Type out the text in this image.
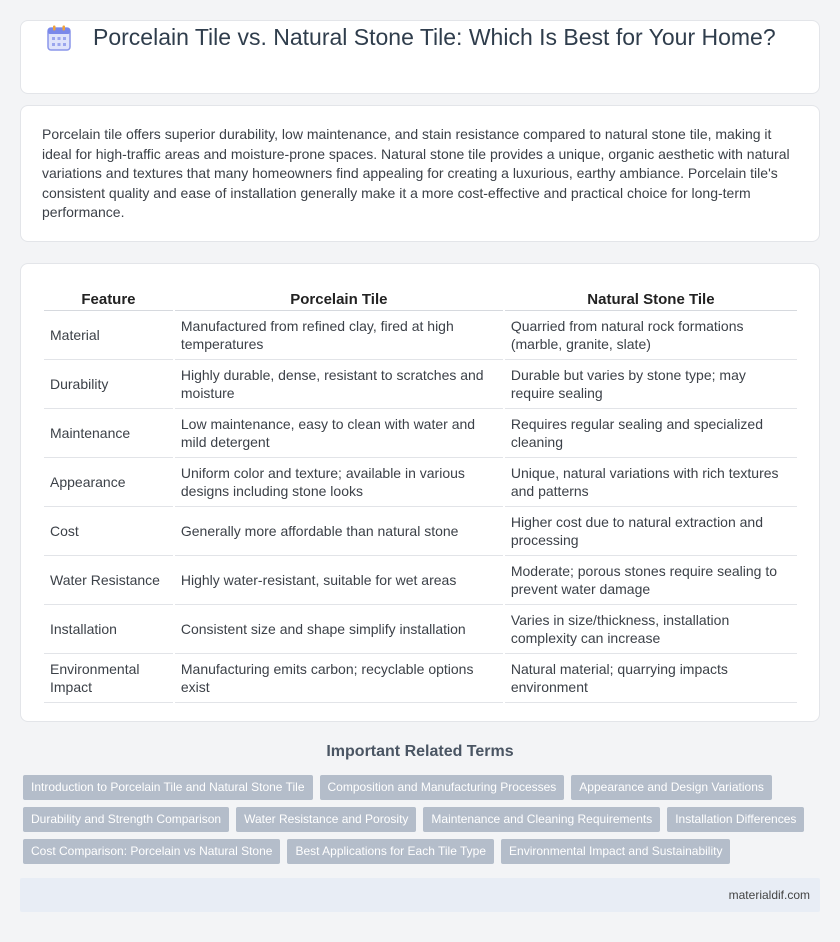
Porcelain Tile vs. Natural Stone Tile: Which Is Best for Your Home?

Porcelain tile offers superior durability, low maintenance, and stain resistance compared to natural stone tile, making it ideal for high-traffic areas and moisture-prone spaces. Natural stone tile provides a unique, organic aesthetic with natural variations and textures that many homeowners find appealing for creating a luxurious, earthy ambiance. Porcelain tile's consistent quality and ease of installation generally make it a more cost-effective and practical choice for long-term performance.

Feature	Porcelain Tile	Natural Stone Tile
Material	Manufactured from refined clay, fired at high temperatures	Quarried from natural rock formations (marble, granite, slate)
Durability	Highly durable, dense, resistant to scratches and moisture	Durable but varies by stone type; may require sealing
Maintenance	Low maintenance, easy to clean with water and mild detergent	Requires regular sealing and specialized cleaning
Appearance	Uniform color and texture; available in various designs including stone looks	Unique, natural variations with rich textures and patterns
Cost	Generally more affordable than natural stone	Higher cost due to natural extraction and processing
Water Resistance	Highly water-resistant, suitable for wet areas	Moderate; porous stones require sealing to prevent water damage
Installation	Consistent size and shape simplify installation	Varies in size/thickness, installation complexity can increase
Environmental Impact	Manufacturing emits carbon; recyclable options exist	Natural material; quarrying impacts environment
Important Related Terms
Introduction to Porcelain Tile and Natural Stone Tile	Composition and Manufacturing Processes	Appearance and Design Variations
Durability and Strength Comparison	Water Resistance and Porosity	Maintenance and Cleaning Requirements	Installation Differences
Cost Comparison: Porcelain vs Natural Stone	Best Applications for Each Tile Type	Environmental Impact and Sustainability
materialdif.com
